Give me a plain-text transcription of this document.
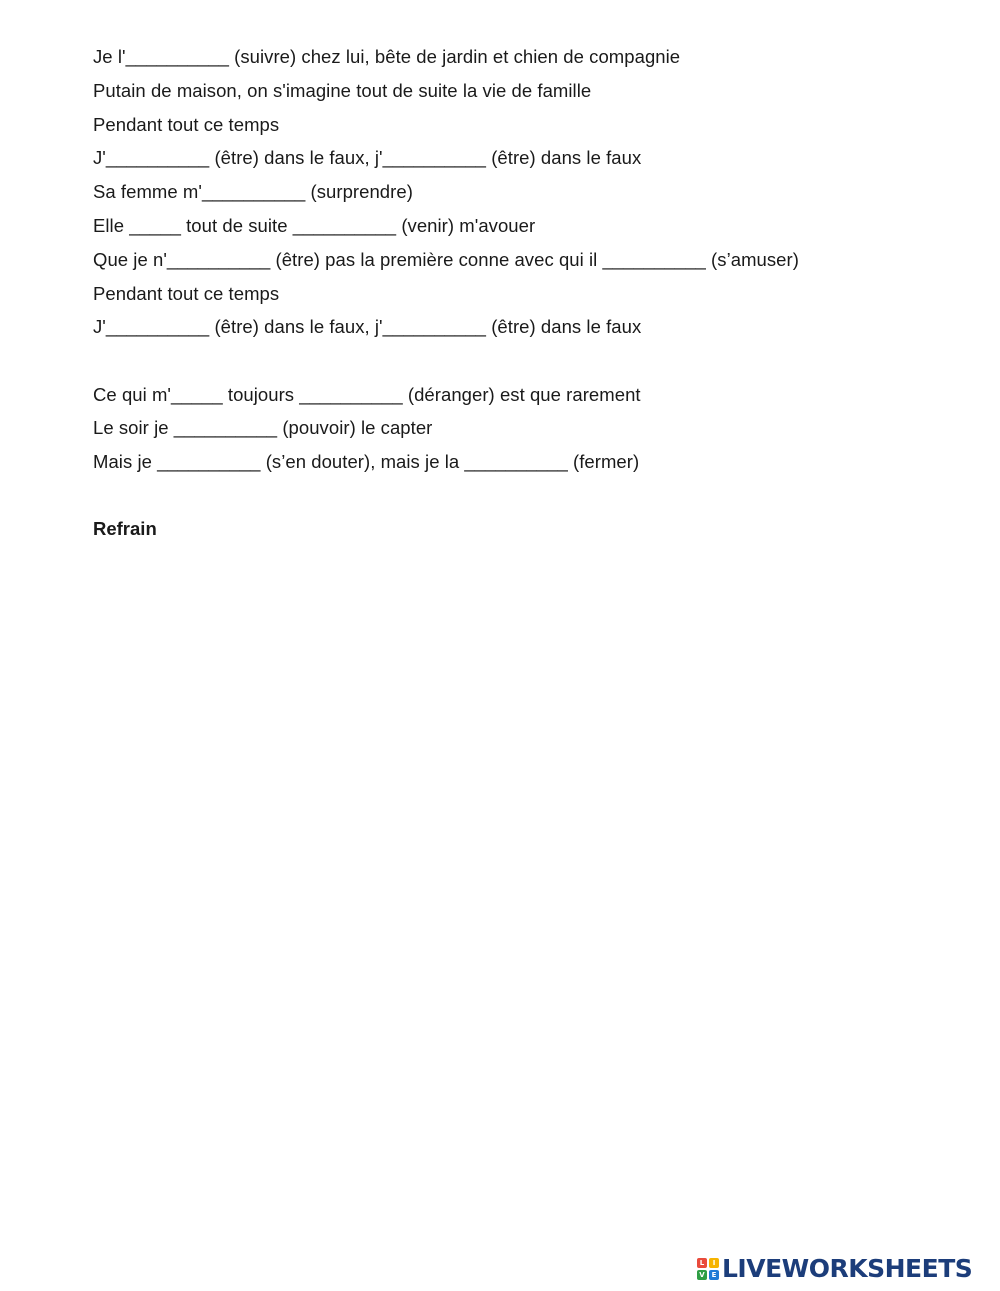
Je l'__________ (suivre) chez lui, bête de jardin et chien de compagnie
Putain de maison, on s'imagine tout de suite la vie de famille
Pendant tout ce temps
J'__________ (être) dans le faux, j'__________ (être) dans le faux
Sa femme m'__________ (surprendre)
Elle _____ tout de suite __________ (venir) m'avouer
Que je n'__________ (être) pas la première conne avec qui il __________ (s’amuser)
Pendant tout ce temps
J'__________ (être) dans le faux, j'__________ (être) dans le faux
Ce qui m'_____ toujours __________ (déranger) est que rarement
Le soir je __________ (pouvoir) le capter
Mais je __________ (s’en douter), mais je la __________ (fermer)
Refrain
L	I
V E LIVEWORKSHEETS
